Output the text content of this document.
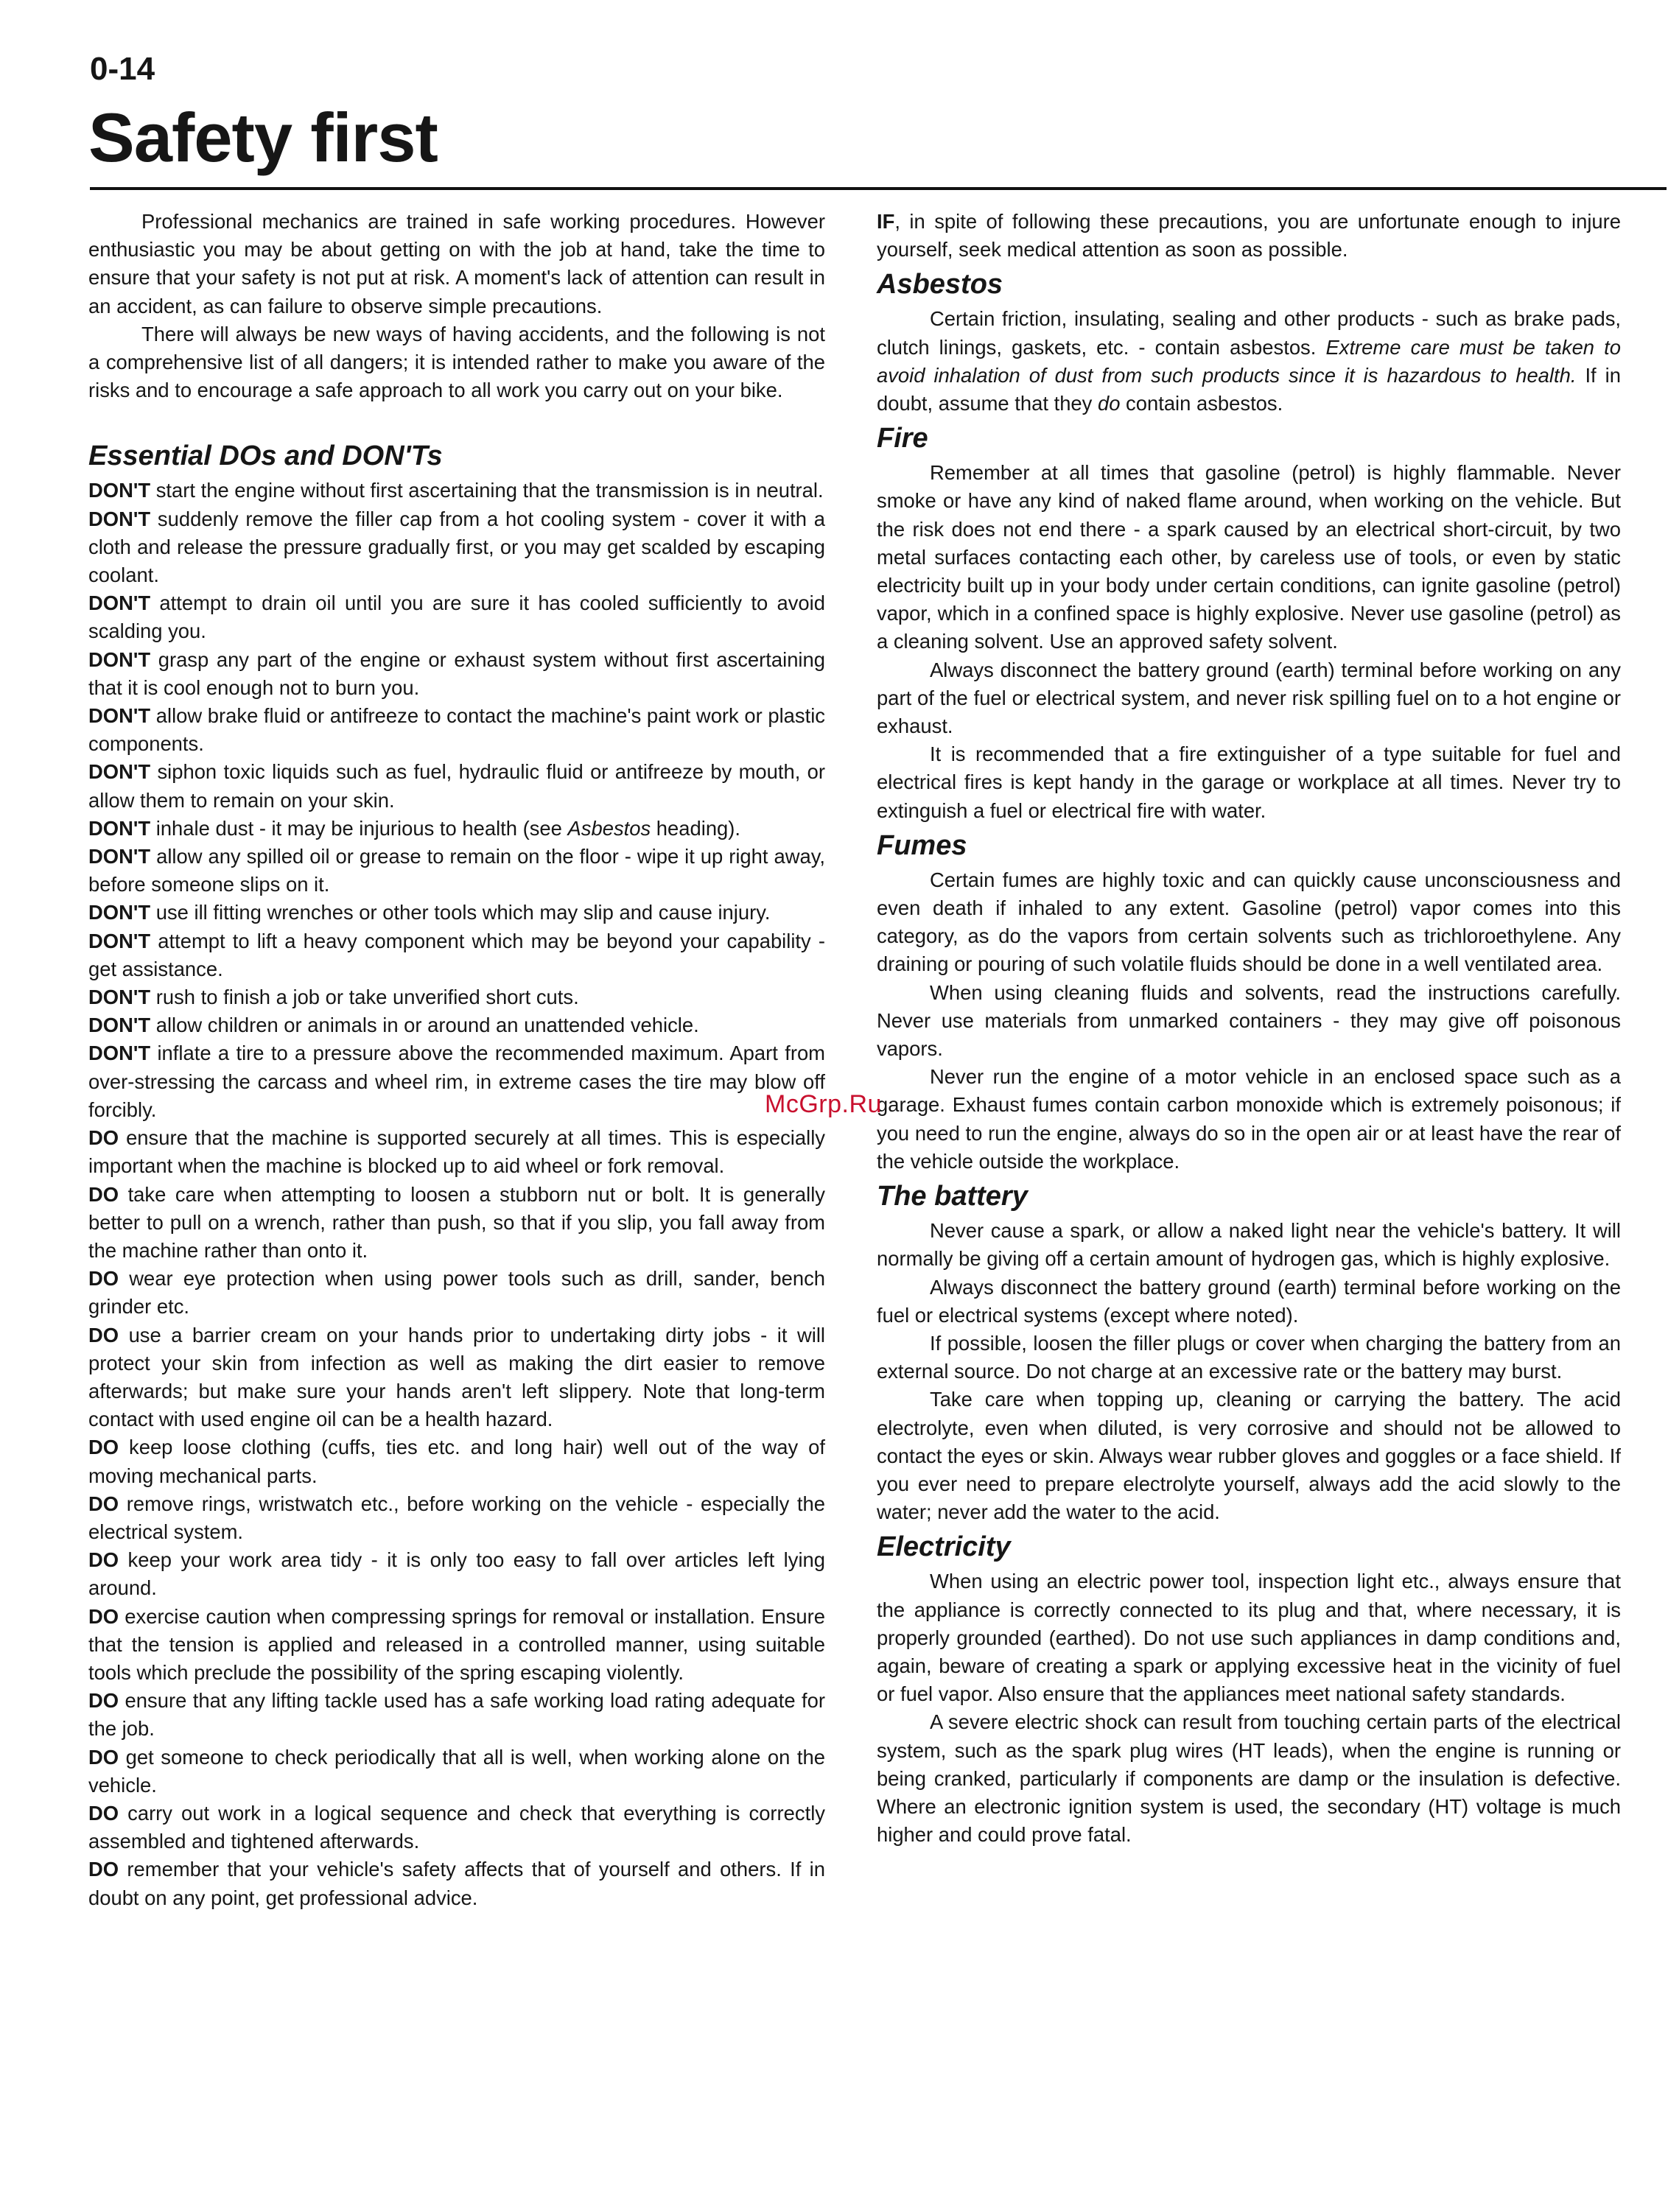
0-14
Safety first

Professional mechanics are trained in safe working procedures. However enthusiastic you may be about getting on with the job at hand, take the time to ensure that your safety is not put at risk. A moment's lack of attention can result in an accident, as can failure to observe simple precautions.

There will always be new ways of having accidents, and the following is not a comprehensive list of all dangers; it is intended rather to make you aware of the risks and to encourage a safe approach to all work you carry out on your bike.

Essential DOs and DON'Ts

DON'T start the engine without first ascertaining that the transmission is in neutral.

DON'T suddenly remove the filler cap from a hot cooling system - cover it with a cloth and release the pressure gradually first, or you may get scalded by escaping coolant.

DON'T attempt to drain oil until you are sure it has cooled sufficiently to avoid scalding you.

DON'T grasp any part of the engine or exhaust system without first ascertaining that it is cool enough not to burn you.

DON'T allow brake fluid or antifreeze to contact the machine's paint work or plastic components.

DON'T siphon toxic liquids such as fuel, hydraulic fluid or antifreeze by mouth, or allow them to remain on your skin.

DON'T inhale dust - it may be injurious to health (see Asbestos heading).

DON'T allow any spilled oil or grease to remain on the floor - wipe it up right away, before someone slips on it.

DON'T use ill fitting wrenches or other tools which may slip and cause injury.

DON'T attempt to lift a heavy component which may be beyond your capability - get assistance.

DON'T rush to finish a job or take unverified short cuts.

DON'T allow children or animals in or around an unattended vehicle.

DON'T inflate a tire to a pressure above the recommended maximum. Apart from over-stressing the carcass and wheel rim, in extreme cases the tire may blow off forcibly.

DO ensure that the machine is supported securely at all times. This is especially important when the machine is blocked up to aid wheel or fork removal.

DO take care when attempting to loosen a stubborn nut or bolt. It is generally better to pull on a wrench, rather than push, so that if you slip, you fall away from the machine rather than onto it.

DO wear eye protection when using power tools such as drill, sander, bench grinder etc.

DO use a barrier cream on your hands prior to undertaking dirty jobs - it will protect your skin from infection as well as making the dirt easier to remove afterwards; but make sure your hands aren't left slippery. Note that long-term contact with used engine oil can be a health hazard.

DO keep loose clothing (cuffs, ties etc. and long hair) well out of the way of moving mechanical parts.

DO remove rings, wristwatch etc., before working on the vehicle - especially the electrical system.

DO keep your work area tidy - it is only too easy to fall over articles left lying around.

DO exercise caution when compressing springs for removal or installation. Ensure that the tension is applied and released in a controlled manner, using suitable tools which preclude the possibility of the spring escaping violently.

DO ensure that any lifting tackle used has a safe working load rating adequate for the job.

DO get someone to check periodically that all is well, when working alone on the vehicle.

DO carry out work in a logical sequence and check that everything is correctly assembled and tightened afterwards.

DO remember that your vehicle's safety affects that of yourself and others. If in doubt on any point, get professional advice.

IF, in spite of following these precautions, you are unfortunate enough to injure yourself, seek medical attention as soon as possible.

Asbestos

Certain friction, insulating, sealing and other products - such as brake pads, clutch linings, gaskets, etc. - contain asbestos. Extreme care must be taken to avoid inhalation of dust from such products since it is hazardous to health. If in doubt, assume that they do contain asbestos.

Fire

Remember at all times that gasoline (petrol) is highly flammable. Never smoke or have any kind of naked flame around, when working on the vehicle. But the risk does not end there - a spark caused by an electrical short-circuit, by two metal surfaces contacting each other, by careless use of tools, or even by static electricity built up in your body under certain conditions, can ignite gasoline (petrol) vapor, which in a confined space is highly explosive. Never use gasoline (petrol) as a cleaning solvent. Use an approved safety solvent.

Always disconnect the battery ground (earth) terminal before working on any part of the fuel or electrical system, and never risk spilling fuel on to a hot engine or exhaust.

It is recommended that a fire extinguisher of a type suitable for fuel and electrical fires is kept handy in the garage or workplace at all times. Never try to extinguish a fuel or electrical fire with water.

Fumes

Certain fumes are highly toxic and can quickly cause unconsciousness and even death if inhaled to any extent. Gasoline (petrol) vapor comes into this category, as do the vapors from certain solvents such as trichloroethylene. Any draining or pouring of such volatile fluids should be done in a well ventilated area.

When using cleaning fluids and solvents, read the instructions carefully. Never use materials from unmarked containers - they may give off poisonous vapors.

Never run the engine of a motor vehicle in an enclosed space such as a garage. Exhaust fumes contain carbon monoxide which is extremely poisonous; if you need to run the engine, always do so in the open air or at least have the rear of the vehicle outside the workplace.

The battery

Never cause a spark, or allow a naked light near the vehicle's battery. It will normally be giving off a certain amount of hydrogen gas, which is highly explosive.

Always disconnect the battery ground (earth) terminal before working on the fuel or electrical systems (except where noted).

If possible, loosen the filler plugs or cover when charging the battery from an external source. Do not charge at an excessive rate or the battery may burst.

Take care when topping up, cleaning or carrying the battery. The acid electrolyte, even when diluted, is very corrosive and should not be allowed to contact the eyes or skin. Always wear rubber gloves and goggles or a face shield. If you ever need to prepare electrolyte yourself, always add the acid slowly to the water; never add the water to the acid.

Electricity

When using an electric power tool, inspection light etc., always ensure that the appliance is correctly connected to its plug and that, where necessary, it is properly grounded (earthed). Do not use such appliances in damp conditions and, again, beware of creating a spark or applying excessive heat in the vicinity of fuel or fuel vapor. Also ensure that the appliances meet national safety standards.

A severe electric shock can result from touching certain parts of the electrical system, such as the spark plug wires (HT leads), when the engine is running or being cranked, particularly if components are damp or the insulation is defective. Where an electronic ignition system is used, the secondary (HT) voltage is much higher and could prove fatal.

McGrp.Ru
